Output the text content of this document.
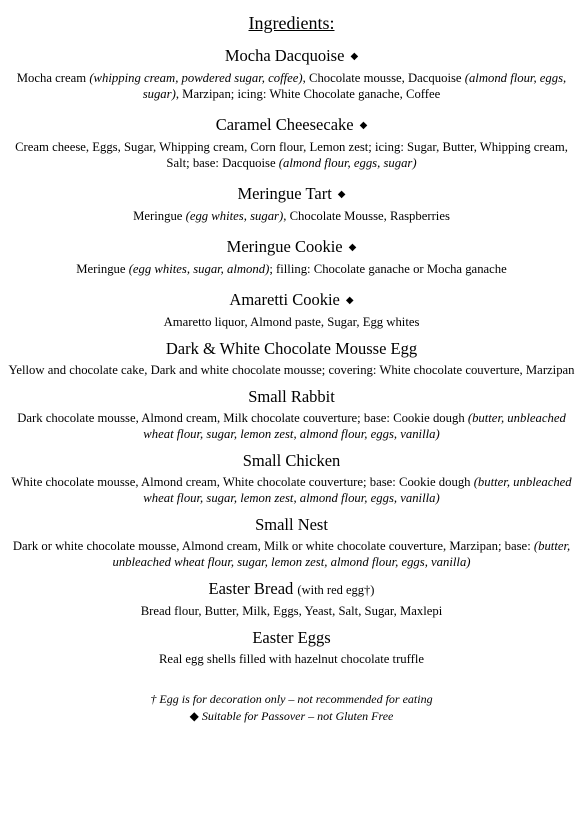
Ingredients:
Mocha Dacquoise ◆
Mocha cream (whipping cream, powdered sugar, coffee), Chocolate mousse, Dacquoise (almond flour, eggs, sugar), Marzipan; icing: White Chocolate ganache, Coffee
Caramel Cheesecake ◆
Cream cheese, Eggs, Sugar, Whipping cream, Corn flour, Lemon zest; icing: Sugar, Butter, Whipping cream, Salt; base: Dacquoise (almond flour, eggs, sugar)
Meringue Tart ◆
Meringue (egg whites, sugar), Chocolate Mousse, Raspberries
Meringue Cookie ◆
Meringue (egg whites, sugar, almond); filling: Chocolate ganache or Mocha ganache
Amaretti Cookie ◆
Amaretto liquor, Almond paste, Sugar, Egg whites
Dark & White Chocolate Mousse Egg
Yellow and chocolate cake, Dark and white chocolate mousse; covering: White chocolate couverture, Marzipan
Small Rabbit
Dark chocolate mousse, Almond cream, Milk chocolate couverture; base: Cookie dough (butter, unbleached wheat flour, sugar, lemon zest, almond flour, eggs, vanilla)
Small Chicken
White chocolate mousse, Almond cream, White chocolate couverture; base: Cookie dough (butter, unbleached wheat flour, sugar, lemon zest, almond flour, eggs, vanilla)
Small Nest
Dark or white chocolate mousse, Almond cream, Milk or white chocolate couverture, Marzipan; base: (butter, unbleached wheat flour, sugar, lemon zest, almond flour, eggs, vanilla)
Easter Bread (with red egg†)
Bread flour, Butter, Milk, Eggs, Yeast, Salt, Sugar, Maxlepi
Easter Eggs
Real egg shells filled with hazelnut chocolate truffle
† Egg is for decoration only – not recommended for eating
◆ Suitable for Passover – not Gluten Free
